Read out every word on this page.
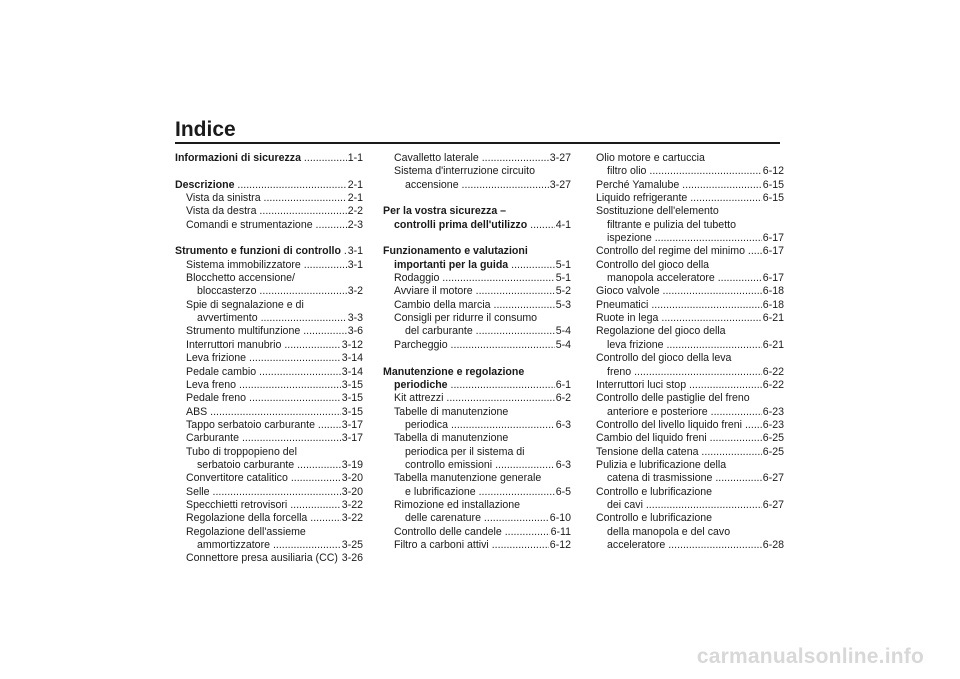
Indice
Informazioni di sicurezza .....	1-1
Descrizione .....	2-1
Vista da sinistra .....	2-1
Vista da destra .....	2-2
Comandi e strumentazione .....	2-3
Strumento e funzioni di controllo ..... 3-1
Sistema immobilizzatore .....	3-1
Blocchetto accensione/
bloccasterzo .....	3-2
Spie di segnalazione e di
avvertimento .....	3-3
Strumento multifunzione .....	3-6
Interruttori manubrio .....	3-12
Leva frizione .....	3-14
Pedale cambio .....	3-14
Leva freno .....	3-15
Pedale freno .....	3-15
ABS .....	3-15
Tappo serbatoio carburante .....	3-17
Carburante .....	3-17
Tubo di troppopieno del
serbatoio carburante .....	3-19
Convertitore catalitico .....	3-20
Selle .....	3-20
Specchietti retrovisori .....	3-22
Regolazione della forcella .....	3-22
Regolazione dell'assieme
ammortizzatore .....	3-25
Connettore presa ausiliaria (CC) ..... 3-26
Cavalletto laterale .....	3-27
Sistema d'interruzione circuito
accensione .....	3-27
Per la vostra sicurezza –
controlli prima dell'utilizzo .....	4-1
Funzionamento e valutazioni
importanti per la guida .....	5-1
Rodaggio .....	5-1
Avviare il motore .....	5-2
Cambio della marcia .....	5-3
Consigli per ridurre il consumo
del carburante .....	5-4
Parcheggio .....	5-4
Manutenzione e regolazione
periodiche .....	6-1
Kit attrezzi .....	6-2
Tabelle di manutenzione
periodica .....	6-3
Tabella di manutenzione
periodica per il sistema di
controllo emissioni .....	6-3
Tabella manutenzione generale
e lubrificazione .....	6-5
Rimozione ed installazione
delle carenature .....	6-10
Controllo delle candele .....	6-11
Filtro a carboni attivi .....	6-12
Olio motore e cartuccia
filtro olio .....	6-12
Perché Yamalube .....	6-15
Liquido refrigerante .....	6-15
Sostituzione dell'elemento
filtrante e pulizia del tubetto
ispezione .....	6-17
Controllo del regime del minimo .....	6-17
Controllo del gioco della
manopola acceleratore .....	6-17
Gioco valvole .....	6-18
Pneumatici .....	6-18
Ruote in lega .....	6-21
Regolazione del gioco della
leva frizione .....	6-21
Controllo del gioco della leva
freno .....	6-22
Interruttori luci stop .....	6-22
Controllo delle pastiglie del freno
anteriore e posteriore .....	6-23
Controllo del livello liquido freni .....	6-23
Cambio del liquido freni .....	6-25
Tensione della catena .....	6-25
Pulizia e lubrificazione della
catena di trasmissione .....	6-27
Controllo e lubrificazione
dei cavi .....	6-27
Controllo e lubrificazione
della manopola e del cavo
acceleratore .....	6-28
carmanualsonline.info
